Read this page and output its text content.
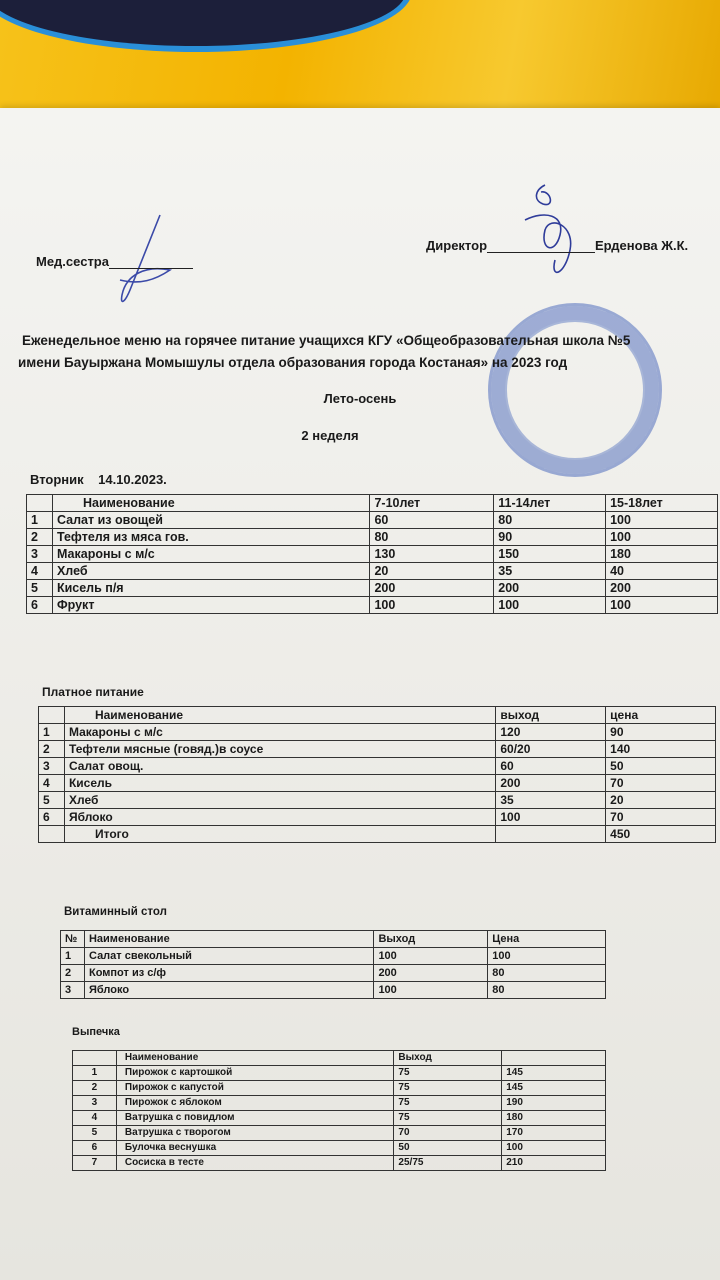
Мед.сестра
Директор	Ерденова Ж.К.
Еженедельное меню на горячее питание учащихся КГУ «Общеобразовательная школа №5
имени Бауыржана Момышулы отдела образования города Костаная» на 2023 год
Лето-осень
2 неделя
Вторник 14.10.2023.
	Наименование	7-10лет	11-14лет	15-18лет
1	Салат из овощей	60	80	100
2	Тефтеля из мяса гов.	80	90	100
3	Макароны с м/с	130	150	180
4	Хлеб	20	35	40
5	Кисель п/я	200	200	200
6	Фрукт	100	100	100
Платное питание
	Наименование	выход	цена
1	Макароны с м/с	120	90
2	Тефтели мясные (говяд.)в соусе	60/20	140
3	Салат овощ.	60	50
4	Кисель	200	70
5	Хлеб	35	20
6	Яблоко	100	70
	Итого		450
Витаминный стол
№	Наименование	Выход	Цена
1	Салат свекольный	100	100
2	Компот из с/ф	200	80
3	Яблоко	100	80
Выпечка
	Наименование	Выход	
1	Пирожок с картошкой	75	145
2	Пирожок с капустой	75	145
3	Пирожок с яблоком	75	190
4	Ватрушка с повидлом	75	180
5	Ватрушка с творогом	70	170
6	Булочка веснушка	50	100
7	Сосиска в тесте	25/75	210
